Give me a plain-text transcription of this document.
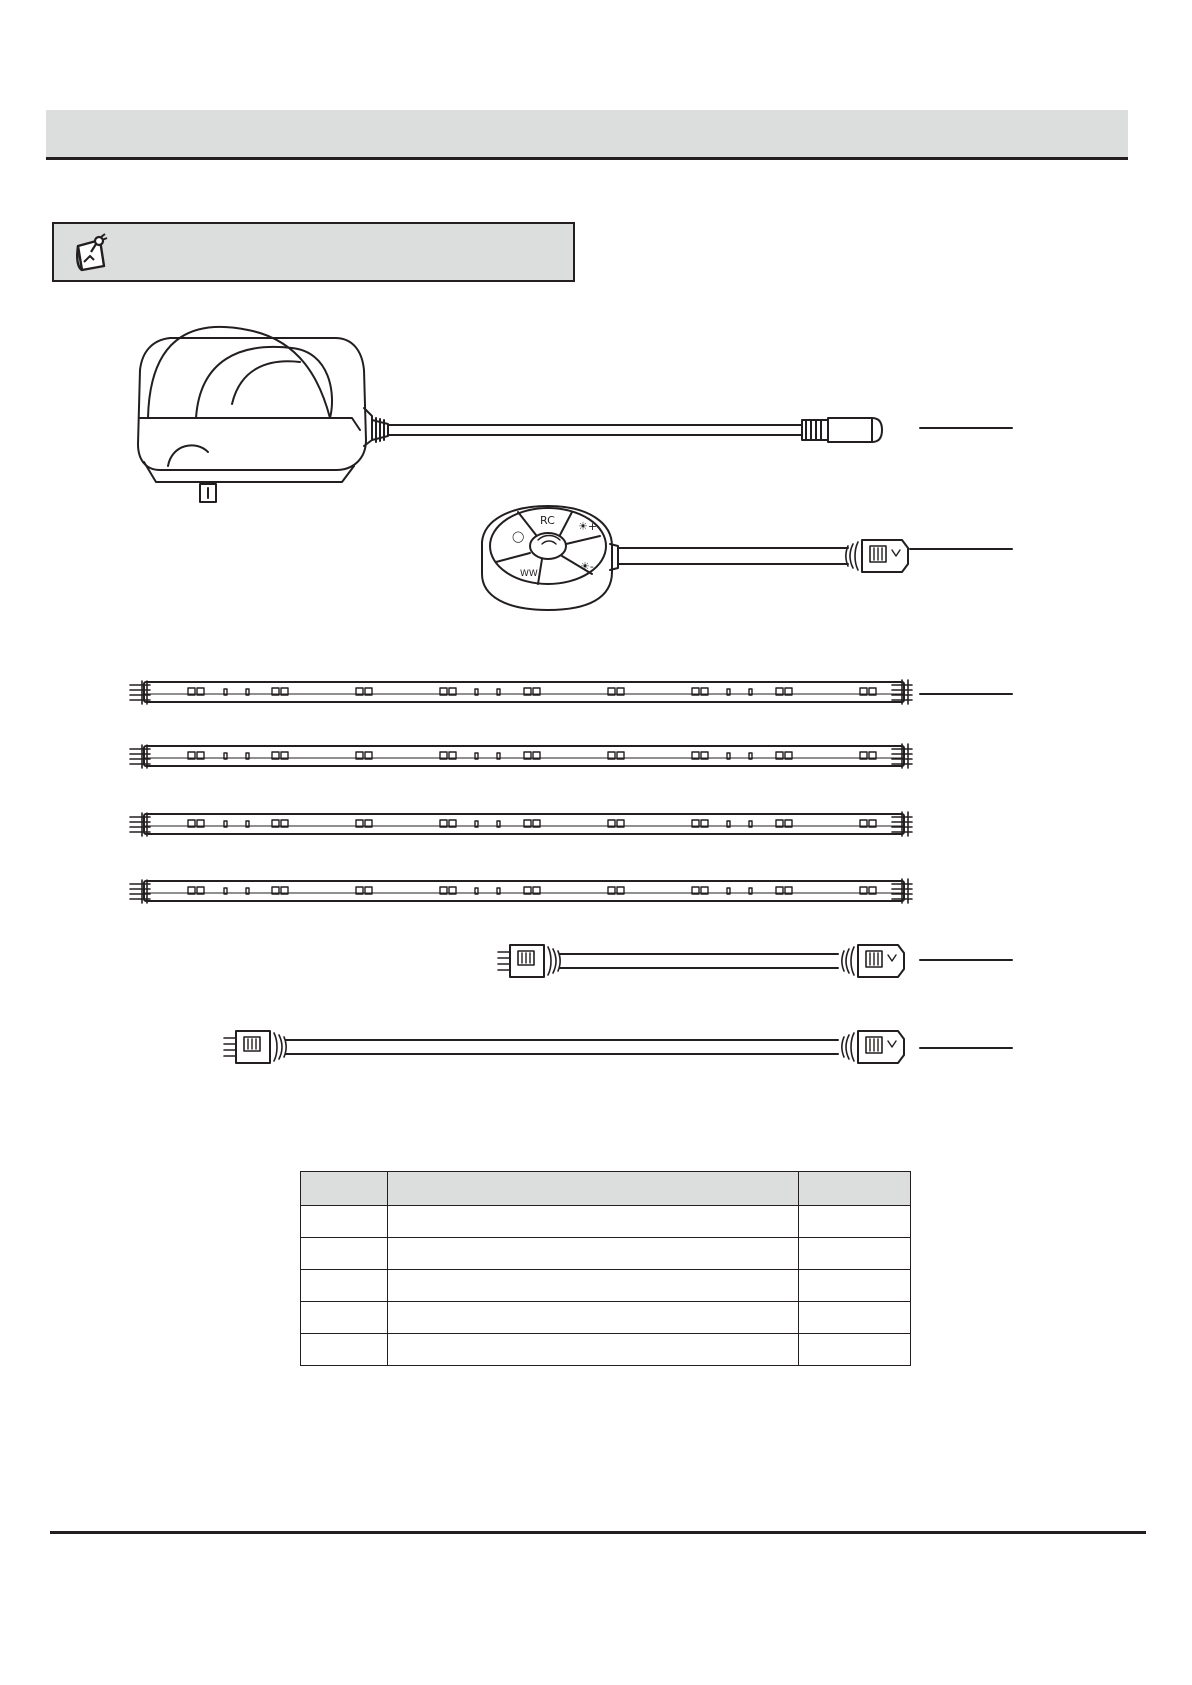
◯
RC ☀+
☀-
WW
